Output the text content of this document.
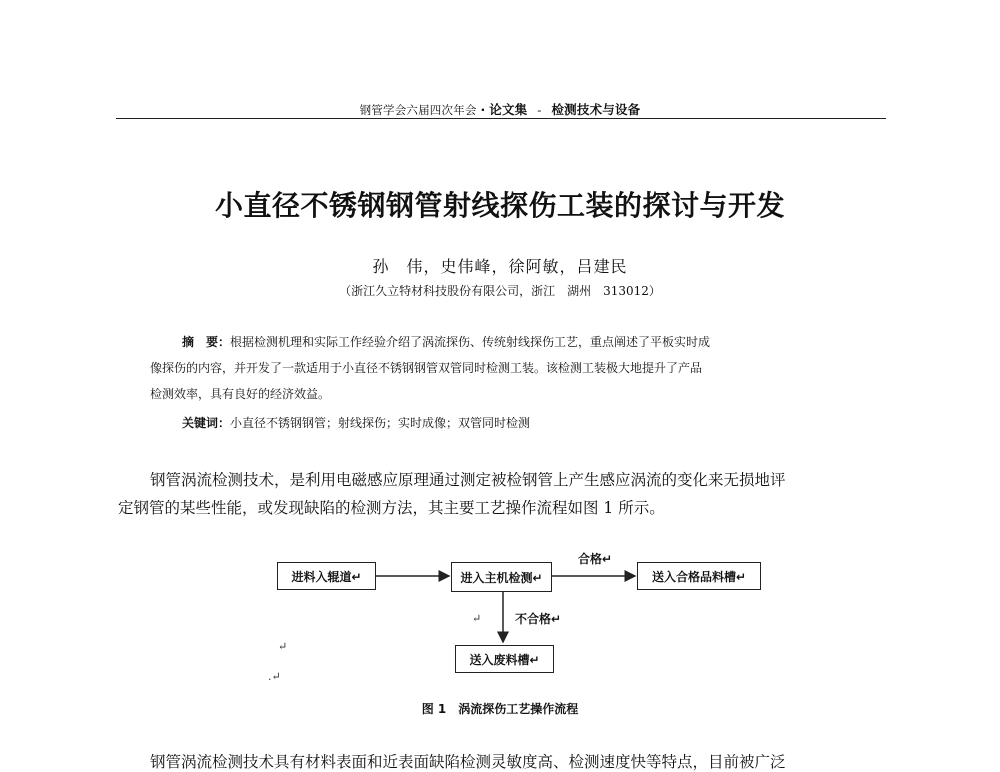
钢管学会六届四次年会 · 论文集 - 检测技术与设备
小直径不锈钢钢管射线探伤工装的探讨与开发
孙　伟，史伟峰，徐阿敏，吕建民
（浙江久立特材科技股份有限公司，浙江　湖州　313012）
摘　要：根据检测机理和实际工作经验介绍了涡流探伤、传统射线探伤工艺，重点阐述了平板实时成
像探伤的内容，并开发了一款适用于小直径不锈钢钢管双管同时检测工装。该检测工装极大地提升了产品
检测效率，具有良好的经济效益。
关键词：小直径不锈钢钢管；射线探伤；实时成像；双管同时检测
钢管涡流检测技术，是利用电磁感应原理通过测定被检钢管上产生感应涡流的变化来无损地评
定钢管的某些性能，或发现缺陷的检测方法，其主要工艺操作流程如图 1 所示。
进料入辊道↵	进入主机检测↵	送入合格品料槽↵
送入废料槽↵
合格↵
不合格↵
↵
↵
.↵
图 1　涡流探伤工艺操作流程
钢管涡流检测技术具有材料表面和近表面缺陷检测灵敏度高、检测速度快等特点，目前被广泛
